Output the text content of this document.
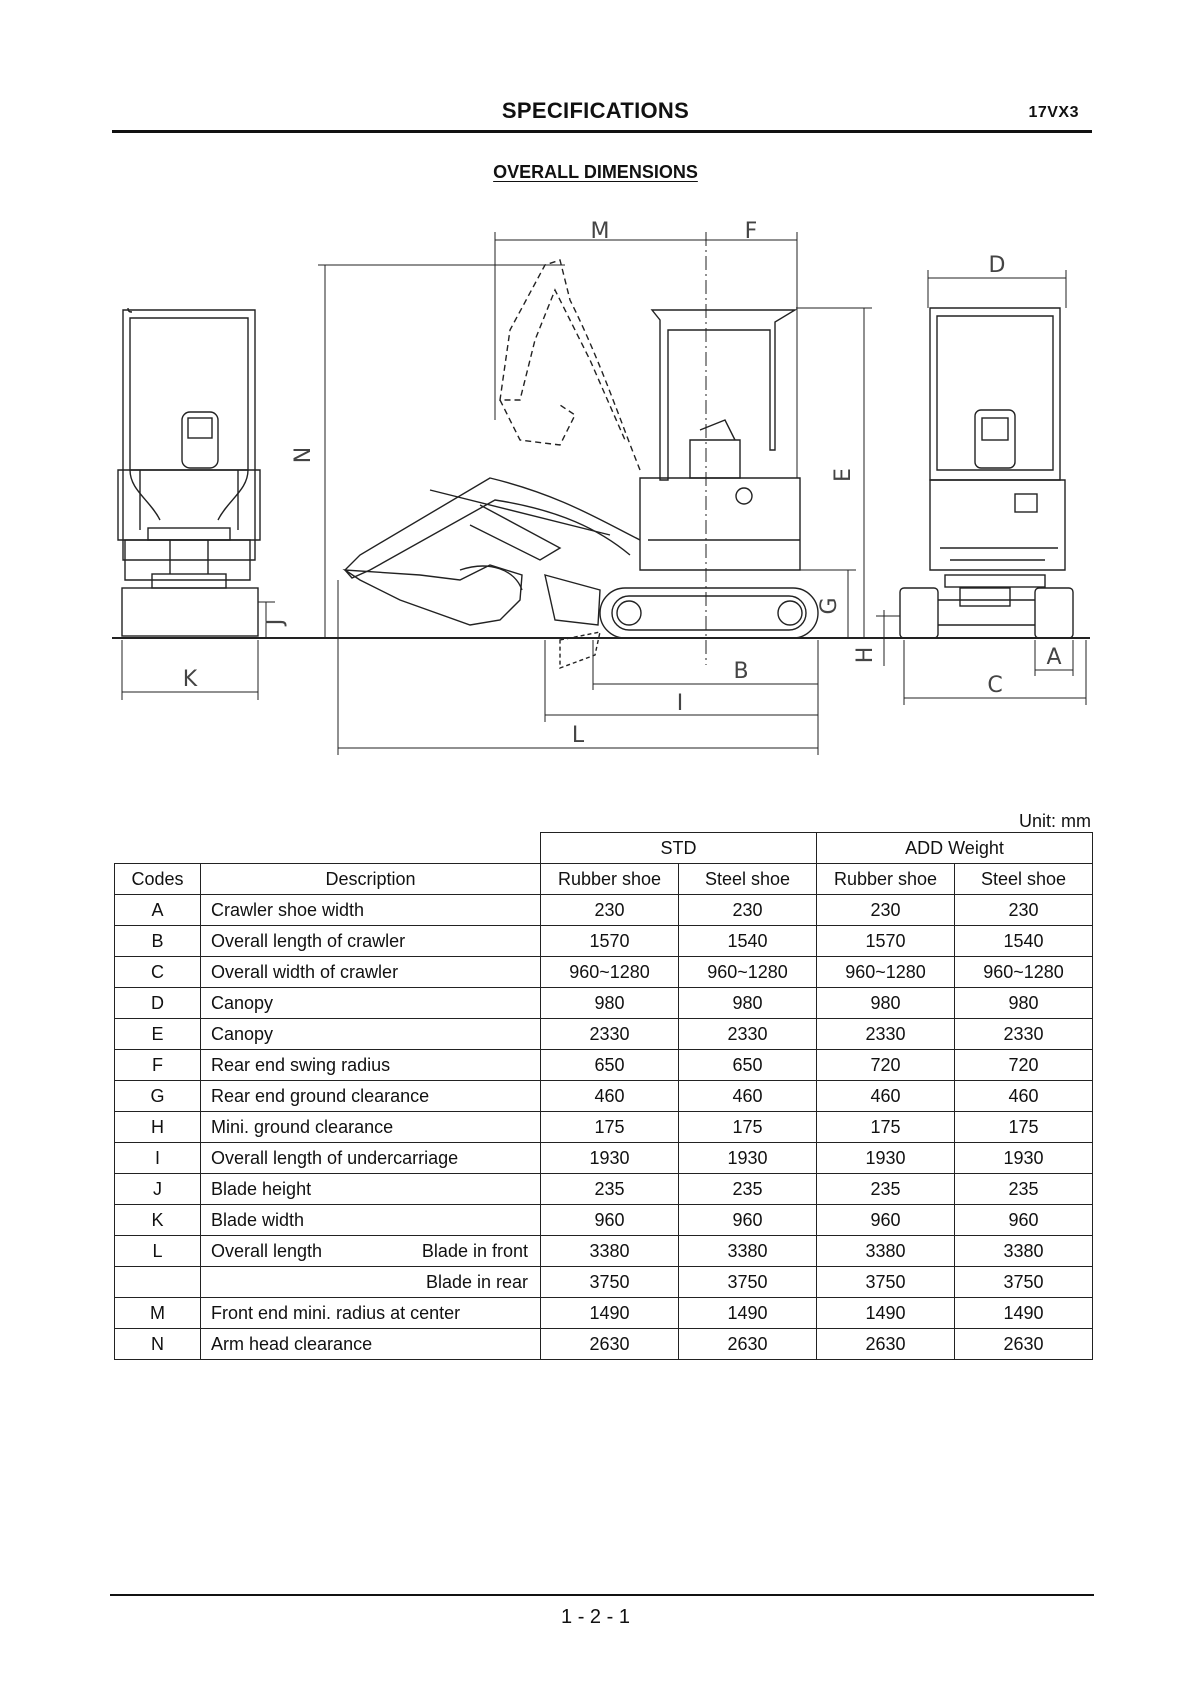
SPECIFICATIONS	17VX3
OVERALL DIMENSIONS
M	F
D
N
E
J
G
H	A
K	B
C
I
L
Unit: mm
		STD		ADD Weight	
Codes	Description	Rubber shoe	Steel shoe	Rubber shoe	Steel shoe
A	Crawler shoe width	230	230	230	230
B	Overall length of crawler	1570	1540	1570	1540
C	Overall width of crawler	960~1280	960~1280	960~1280	960~1280
D	Canopy	980	980	980	980
E	Canopy	2330	2330	2330	2330
F	Rear end swing radius	650	650	720	720
G	Rear end ground clearance	460	460	460	460
H	Mini. ground clearance	175	175	175	175
I	Overall length of undercarriage	1930	1930	1930	1930
J	Blade height	235	235	235	235
K	Blade width	960	960	960	960
L	Overall length Blade in front	3380	3380	3380	3380

	Blade in rear	3750	3750	3750	3750
M	Front end mini. radius at center	1490	1490	1490	1490
N	Arm head clearance	2630	2630	2630	2630
1 - 2 - 1
